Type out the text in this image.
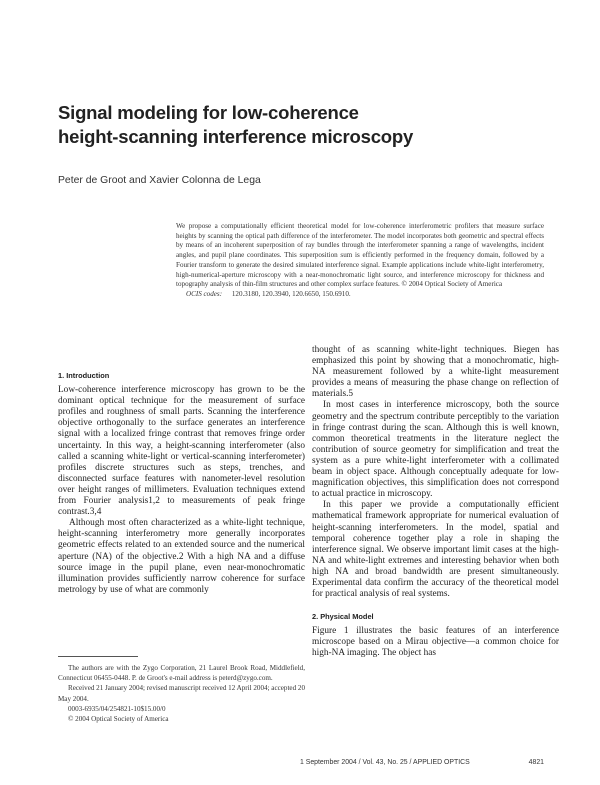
Signal modeling for low-coherence
height-scanning interference microscopy
Peter de Groot and Xavier Colonna de Lega

We propose a computationally efficient theoretical model for low-coherence interferometric profilers that measure surface heights by scanning the optical path difference of the interferometer. The model incorporates both geometric and spectral effects by means of an incoherent superposition of ray bundles through the interferometer spanning a range of wavelengths, incident angles, and pupil plane coordinates. This superposition sum is efficiently performed in the frequency domain, followed by a Fourier transform to generate the desired simulated interference signal. Example applications include white-light interferometry, high-numerical-aperture microscopy with a near-monochromatic light source, and interference microscopy for thickness and topography analysis of thin-film structures and other complex surface features. © 2004 Optical Society of America

OCIS codes: 120.3180, 120.3940, 120.6650, 150.6910.

1. Introduction

Low-coherence interference microscopy has grown to be the dominant optical technique for the measurement of surface profiles and roughness of small parts. Scanning the interference objective orthogonally to the surface generates an interference signal with a localized fringe contrast that removes fringe order uncertainty. In this way, a height-scanning interferometer (also called a scanning white-light or vertical-scanning interferometer) profiles discrete structures such as steps, trenches, and disconnected surface features with nanometer-level resolution over height ranges of millimeters. Evaluation techniques extend from Fourier analysis1,2 to measurements of peak fringe contrast.3,4

Although most often characterized as a white-light technique, height-scanning interferometry more generally incorporates geometric effects related to an extended source and the numerical aperture (NA) of the objective.2 With a high NA and a diffuse source image in the pupil plane, even near-monochromatic illumination provides sufficiently narrow coherence for surface metrology by use of what are commonly

thought of as scanning white-light techniques. Biegen has emphasized this point by showing that a monochromatic, high-NA measurement followed by a white-light measurement provides a means of measuring the phase change on reflection of materials.5

In most cases in interference microscopy, both the source geometry and the spectrum contribute perceptibly to the variation in fringe contrast during the scan. Although this is well known, common theoretical treatments in the literature neglect the contribution of source geometry for simplification and treat the system as a pure white-light interferometer with a collimated beam in object space. Although conceptually adequate for low-magnification objectives, this simplification does not correspond to actual practice in microscopy.

In this paper we provide a computationally efficient mathematical framework appropriate for numerical evaluation of height-scanning interferometers. In the model, spatial and temporal coherence together play a role in shaping the interference signal. We observe important limit cases at the high-NA and white-light extremes and interesting behavior when both high NA and broad bandwidth are present simultaneously. Experimental data confirm the accuracy of the theoretical model for practical analysis of real systems.

2. Physical Model

Figure 1 illustrates the basic features of an interference microscope based on a Mirau objective—a common choice for high-NA imaging. The object has

The authors are with the Zygo Corporation, 21 Laurel Brook Road, Middlefield, Connecticut 06455-0448. P. de Groot's e-mail address is peterd@zygo.com.

Received 21 January 2004; revised manuscript received 12 April 2004; accepted 20 May 2004.

0003-6935/04/254821-10$15.00/0

© 2004 Optical Society of America

1 September 2004 / Vol. 43, No. 25 / APPLIED OPTICS	4821
